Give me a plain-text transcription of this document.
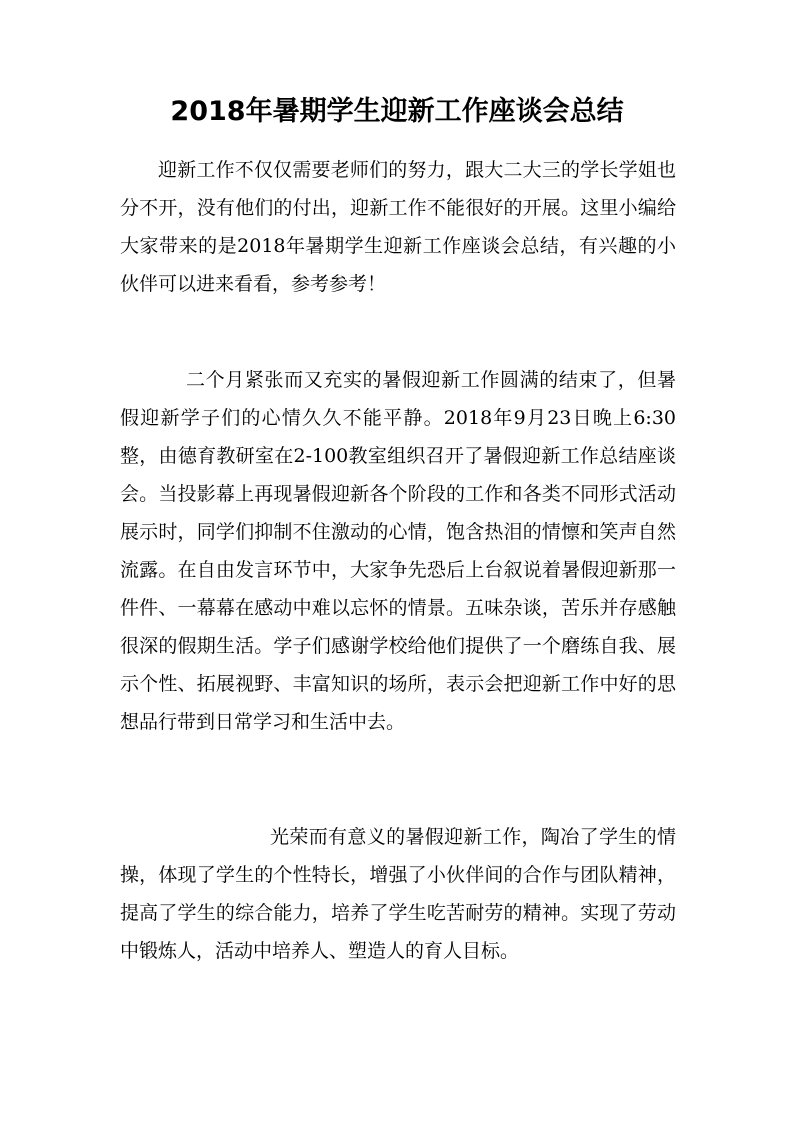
2018年暑期学生迎新工作座谈会总结

迎新工作不仅仅需要老师们的努力，跟大二大三的学长学姐也分不开，没有他们的付出，迎新工作不能很好的开展。这里小编给大家带来的是2018年暑期学生迎新工作座谈会总结，有兴趣的小伙伴可以进来看看，参考参考！

二个月紧张而又充实的暑假迎新工作圆满的结束了，但暑假迎新学子们的心情久久不能平静。2018年9月23日晚上6:30整，由德育教研室在2-100教室组织召开了暑假迎新工作总结座谈会。当投影幕上再现暑假迎新各个阶段的工作和各类不同形式活动展示时，同学们抑制不住激动的心情，饱含热泪的情懔和笑声自然流露。在自由发言环节中，大家争先恐后上台叙说着暑假迎新那一件件、一幕幕在感动中难以忘怀的情景。五味杂谈，苦乐并存感触很深的假期生活。学子们感谢学校给他们提供了一个磨练自我、展示个性、拓展视野、丰富知识的场所，表示会把迎新工作中好的思想品行带到日常学习和生活中去。

光荣而有意义的暑假迎新工作，陶冶了学生的情操，体现了学生的个性特长，增强了小伙伴间的合作与团队精神，提高了学生的综合能力，培养了学生吃苦耐劳的精神。实现了劳动中锻炼人，活动中培养人、塑造人的育人目标。
